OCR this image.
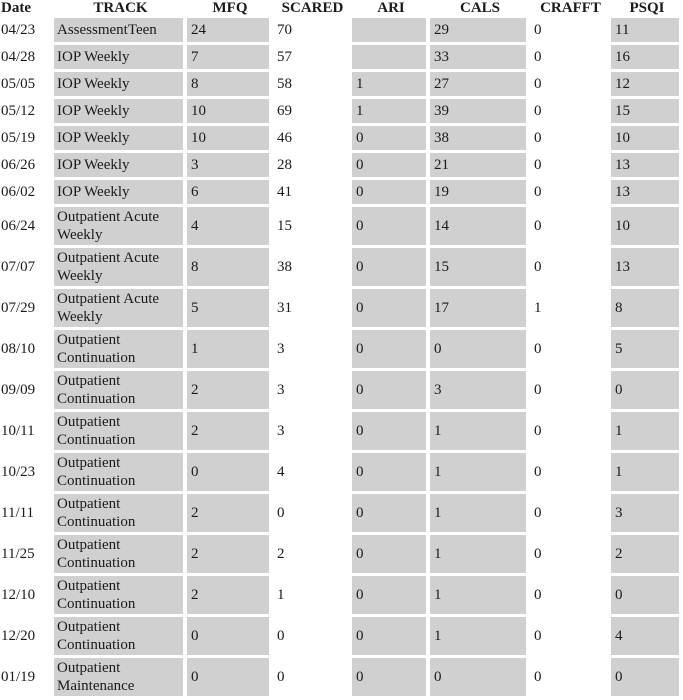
Date	TRACK	MFQ	SCARED	ARI	CALS	CRAFFT	PSQI
04/23	AssessmentTeen	24	70		29	0	11
04/28	IOP Weekly	7	57		33	0	16
05/05	IOP Weekly	8	58	1	27	0	12
05/12	IOP Weekly	10	69	1	39	0	15
05/19	IOP Weekly	10	46	0	38	0	10
06/26	IOP Weekly	3	28	0	21	0	13
06/02	IOP Weekly	6	41	0	19	0	13
06/24	Outpatient Acute Weekly	4	15	0	14	0	10
07/07	Outpatient Acute Weekly	8	38	0	15	0	13
07/29	Outpatient Acute Weekly	5	31	0	17	1	8
08/10	Outpatient Continuation	1	3	0	0	0	5
09/09	Outpatient Continuation	2	3	0	3	0	0
10/11	Outpatient Continuation	2	3	0	1	0	1
10/23	Outpatient Continuation	0	4	0	1	0	1
11/11	Outpatient Continuation	2	0	0	1	0	3
11/25	Outpatient Continuation	2	2	0	1	0	2
12/10	Outpatient Continuation	2	1	0	1	0	0
12/20	Outpatient Continuation	0	0	0	1	0	4
01/19	Outpatient Maintenance	0	0	0	0	0	0
